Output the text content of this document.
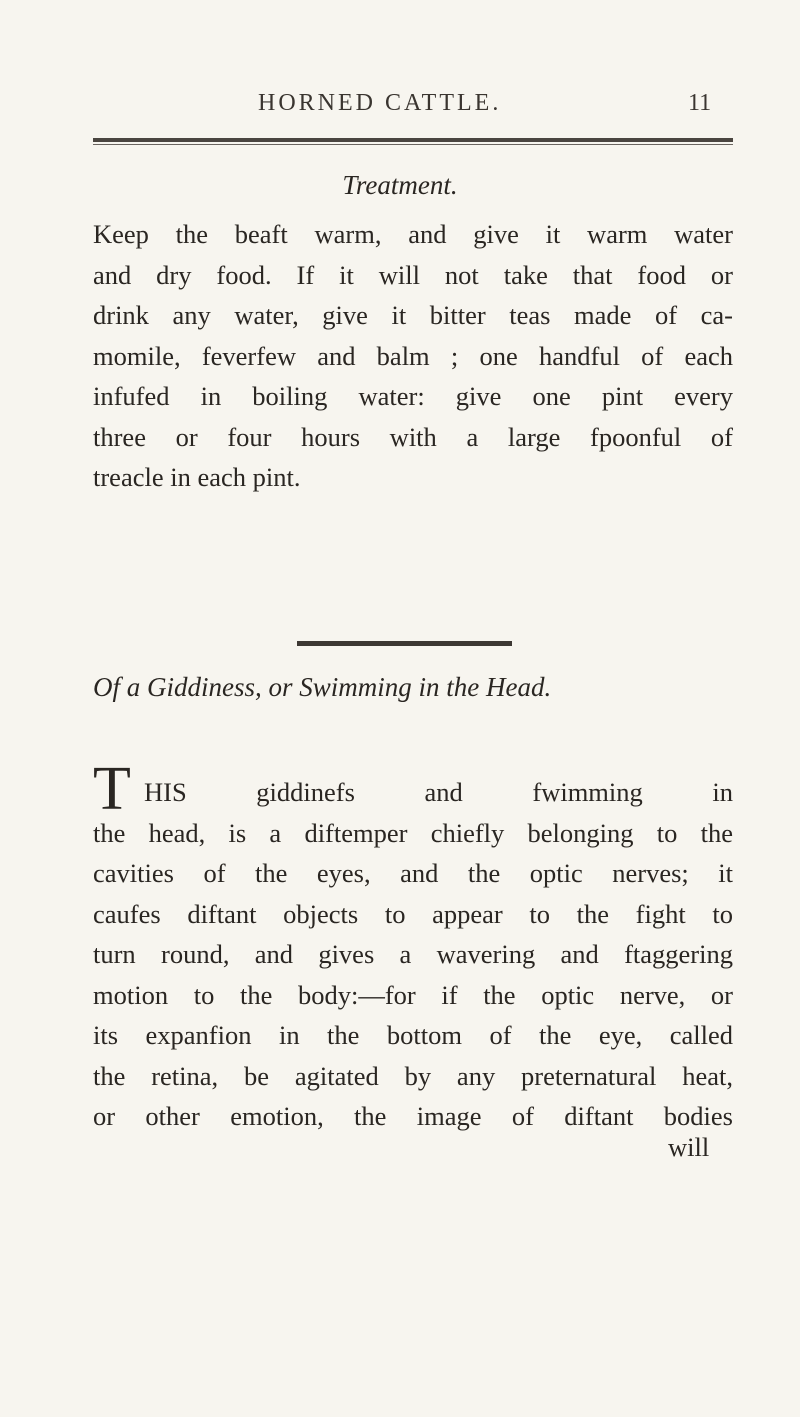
HORNED CATTLE.	11
Treatment.

Keep the beaft warm, and give it warm water
and dry food. If it will not take that food or
drink any water, give it bitter teas made of ca-
momile, feverfew and balm ; one handful of each
infufed in boiling water: give one pint every
three or four hours with a large fpoonful of
treacle in each pint.

Of a Giddiness, or Swimming in the Head.
T HIS giddinefs and fwimming in
the head, is a diftemper chiefly belonging to the
cavities of the eyes, and the optic nerves; it
caufes diftant objects to appear to the fight to
turn round, and gives a wavering and ftaggering
motion to the body:—for if the optic nerve, or
its expanfion in the bottom of the eye, called
the retina, be agitated by any preternatural heat,
or other emotion, the image of diftant bodies

will
